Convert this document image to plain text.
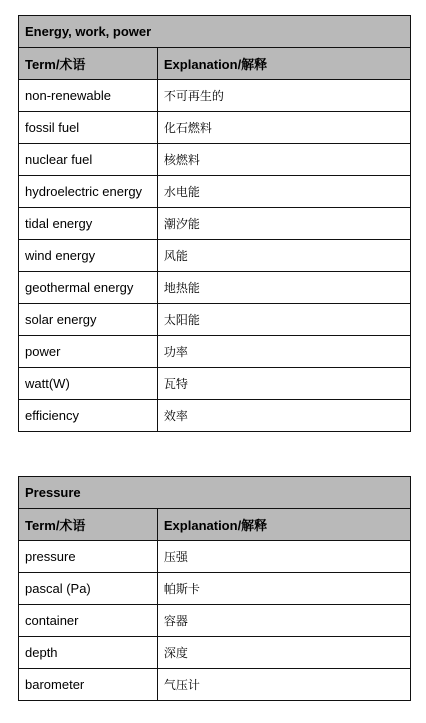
Energy, work, power	
Term/术语	Explanation/解释
non-renewable	不可再生的
fossil fuel	化石燃料
nuclear fuel	核燃料
hydroelectric energy	水电能
tidal energy	潮汐能
wind energy	风能
geothermal energy	地热能
solar energy	太阳能
power	功率
watt(W)	瓦特
efficiency	效率
Pressure	
Term/术语	Explanation/解释
pressure	压强
pascal (Pa)	帕斯卡
container	容器
depth	深度
barometer	气压计
